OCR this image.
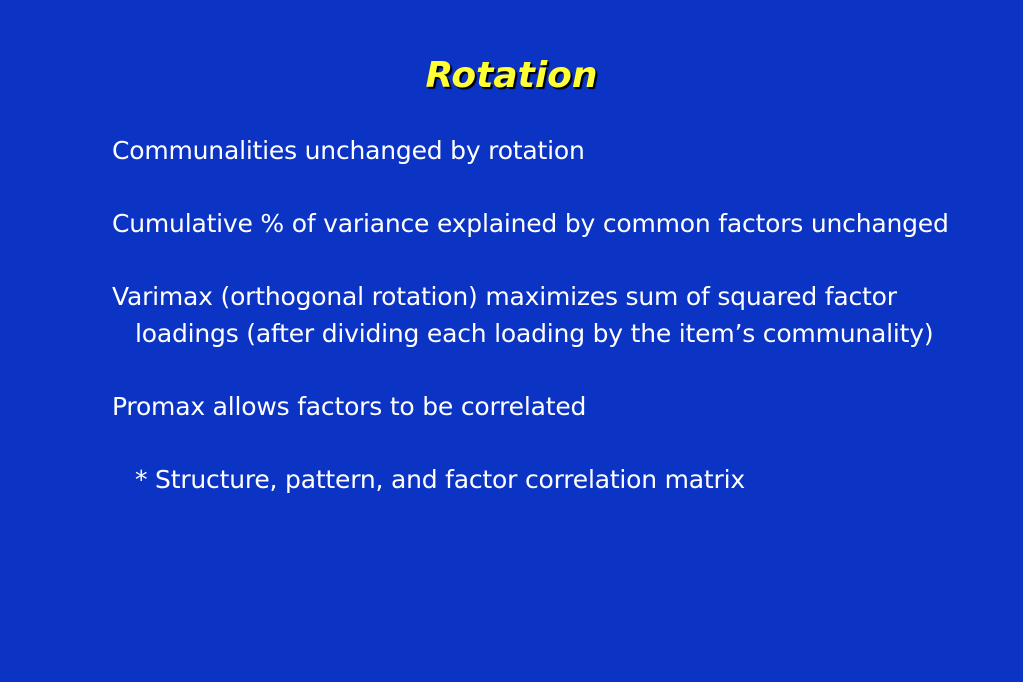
Rotation

Communalities unchanged by rotation

Cumulative % of variance explained by common factors unchanged

Varimax (orthogonal rotation) maximizes sum of squared factor loadings (after dividing each loading by the item’s communality)

Promax allows factors to be correlated

* Structure, pattern, and factor correlation matrix
